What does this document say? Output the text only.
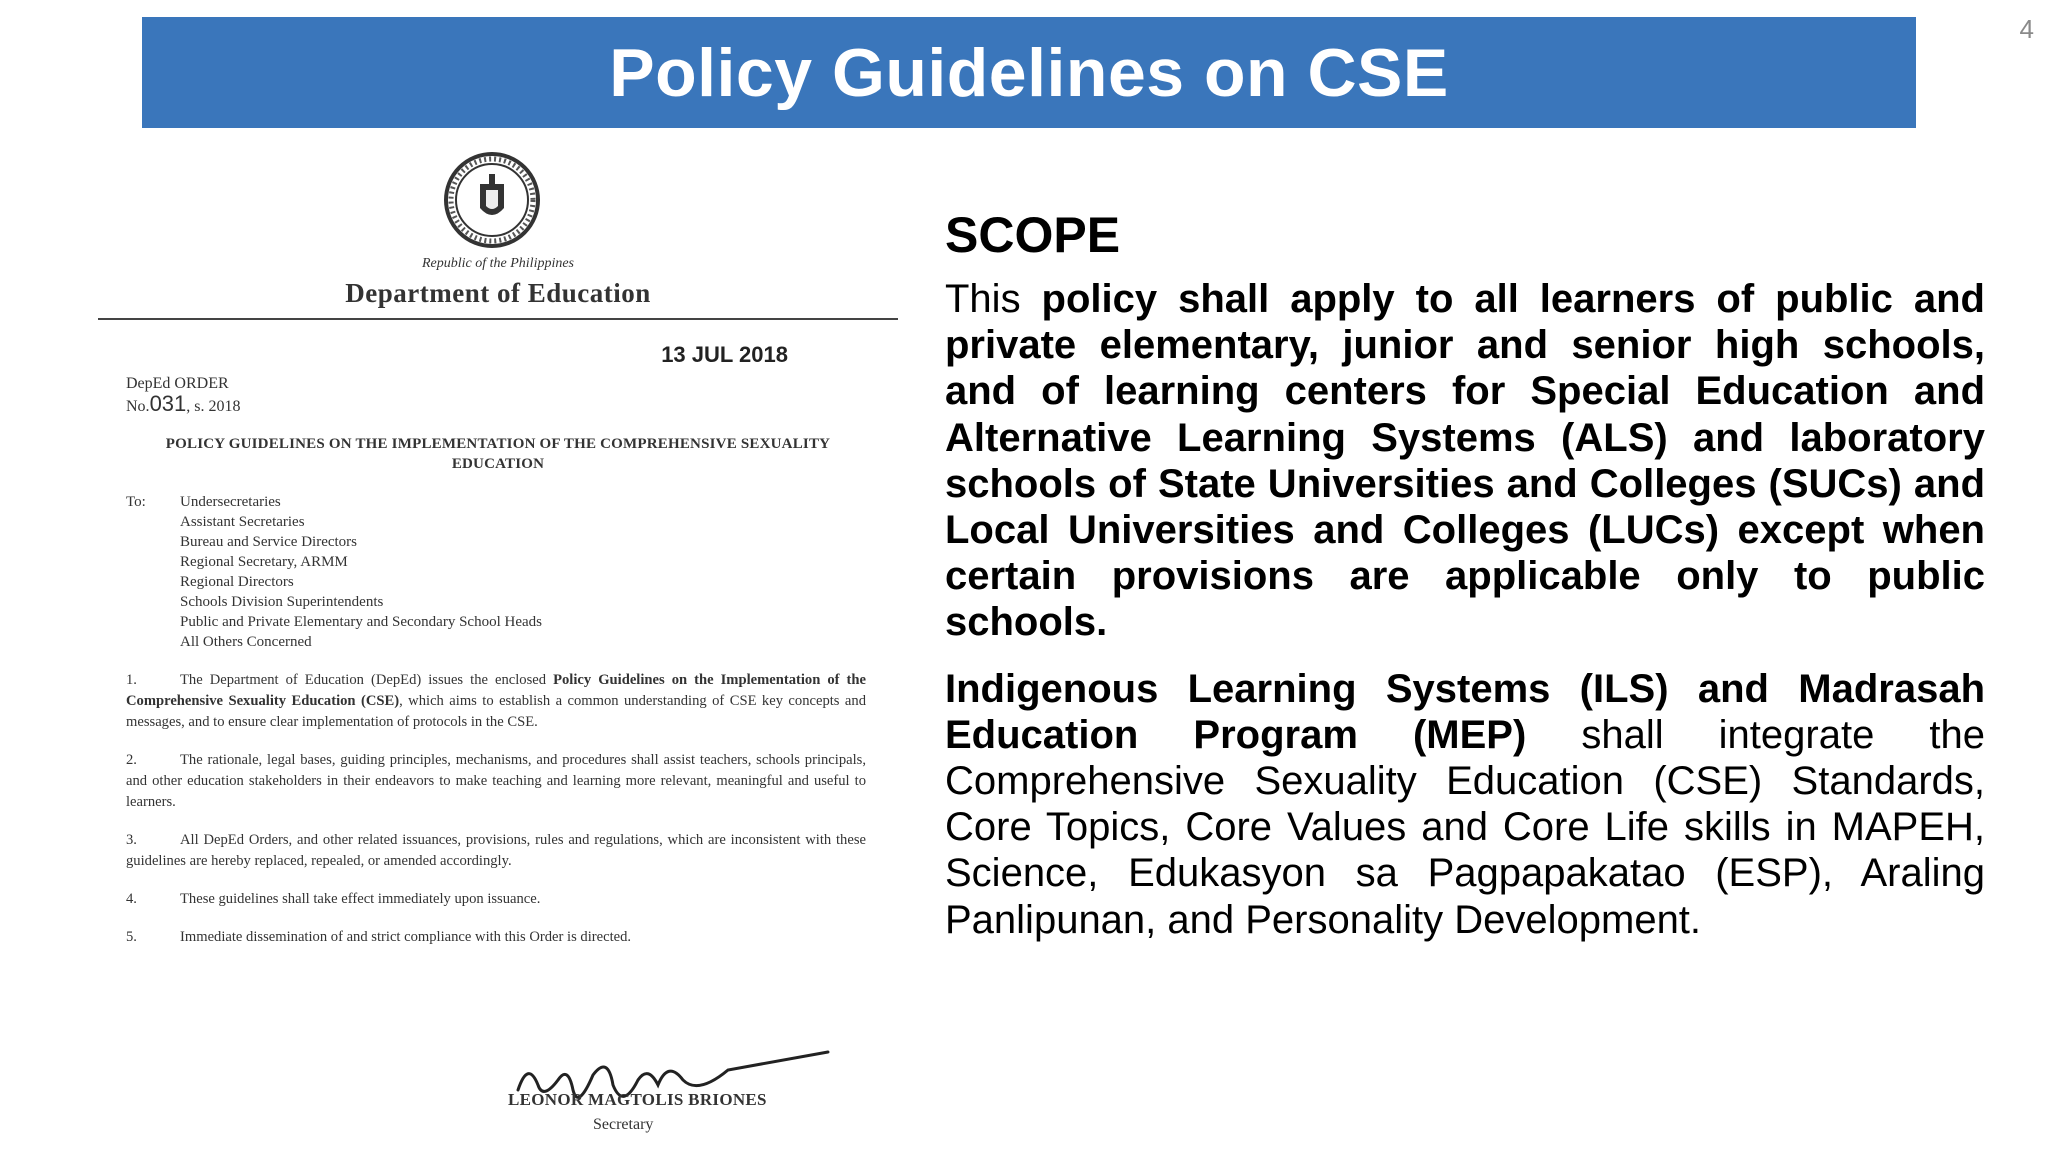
4
Policy Guidelines on CSE
Republic of the Philippines
Department of Education
13 JUL 2018
DepEd ORDER
No.031, s. 2018
POLICY GUIDELINES ON THE IMPLEMENTATION OF THE COMPREHENSIVE SEXUALITY EDUCATION
To: Undersecretaries
Assistant Secretaries
Bureau and Service Directors
Regional Secretary, ARMM
Regional Directors
Schools Division Superintendents
Public and Private Elementary and Secondary School Heads
All Others Concerned

1.	The Department of Education (DepEd) issues the enclosed Policy Guidelines on the Implementation of the Comprehensive Sexuality Education (CSE), which aims to establish a common understanding of CSE key concepts and messages, and to ensure clear implementation of protocols in the CSE.

2.	The rationale, legal bases, guiding principles, mechanisms, and procedures shall assist teachers, schools principals, and other education stakeholders in their endeavors to make teaching and learning more relevant, meaningful and useful to learners.

3.	All DepEd Orders, and other related issuances, provisions, rules and regulations, which are inconsistent with these guidelines are hereby replaced, repealed, or amended accordingly.

4.	These guidelines shall take effect immediately upon issuance.

5.	Immediate dissemination of and strict compliance with this Order is directed.

LEONOR MAGTOLIS BRIONES
Secretary
SCOPE

This policy shall apply to all learners of public and private elementary, junior and senior high schools, and of learning centers for Special Education and Alternative Learning Systems (ALS) and laboratory schools of State Universities and Colleges (SUCs) and Local Universities and Colleges (LUCs) except when certain provisions are applicable only to public schools.

Indigenous Learning Systems (ILS) and Madrasah Education Program (MEP) shall integrate the Comprehensive Sexuality Education (CSE) Standards, Core Topics, Core Values and Core Life skills in MAPEH, Science, Edukasyon sa Pagpapakatao (ESP), Araling Panlipunan, and Personality Development.
